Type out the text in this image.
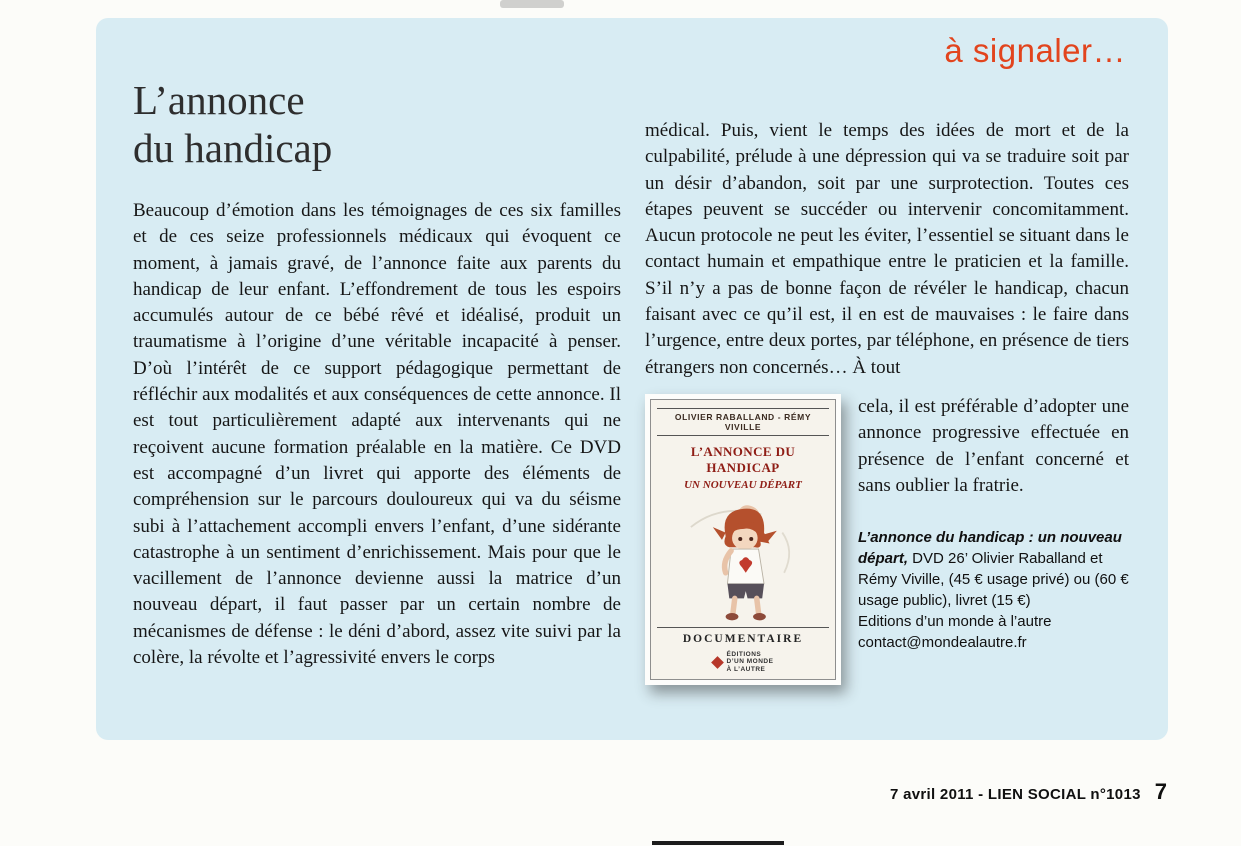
à signaler…
L’annonce
du handicap

Beaucoup d’émotion dans les témoignages de ces six familles et de ces seize professionnels médicaux qui évoquent ce moment, à jamais gravé, de l’annonce faite aux parents du handicap de leur enfant. L’effondrement de tous les espoirs accumulés autour de ce bébé rêvé et idéalisé, produit un traumatisme à l’origine d’une véritable incapacité à penser. D’où l’intérêt de ce support pédagogique permettant de réfléchir aux modalités et aux conséquences de cette annonce. Il est tout particulièrement adapté aux intervenants qui ne reçoivent aucune formation préalable en la matière. Ce DVD est accompagné d’un livret qui apporte des éléments de compréhension sur le parcours douloureux qui va du séisme subi à l’attachement accompli envers l’enfant, d’une sidérante catastrophe à un sentiment d’enrichissement. Mais pour que le vacillement de l’annonce devienne aussi la matrice d’un nouveau départ, il faut passer par un certain nombre de mécanismes de défense : le déni d’abord, assez vite suivi par la colère, la révolte et l’agressivité envers le corps

médical. Puis, vient le temps des idées de mort et de la culpabilité, prélude à une dépression qui va se traduire soit par un désir d’abandon, soit par une surprotection. Toutes ces étapes peuvent se succéder ou intervenir concomitamment. Aucun protocole ne peut les éviter, l’essentiel se situant dans le contact humain et empathique entre le praticien et la famille. S’il n’y a pas de bonne façon de révéler le handicap, chacun faisant avec ce qu’il est, il en est de mauvaises : le faire dans l’urgence, entre deux portes, par téléphone, en présence de tiers étrangers non concernés… À tout

OLIVIER RABALLAND - RÉMY VIVILLE
L’ANNONCE DU HANDICAP
UN NOUVEAU DÉPART
DOCUMENTAIRE
ÉDITIONS
D’UN MONDE
À L’AUTRE

cela, il est préférable d’adopter une annonce progressive effectuée en présence de l’enfant concerné et sans oublier la fratrie.

L’annonce du handicap : un nouveau départ, DVD 26’ Olivier Raballand et Rémy Viville, (45 € usage privé) ou (60 € usage public), livret (15 €)

Editions d’un monde à l’autre

contact@mondealautre.fr

7 avril 2011 - LIEN SOCIAL n°1013 7
